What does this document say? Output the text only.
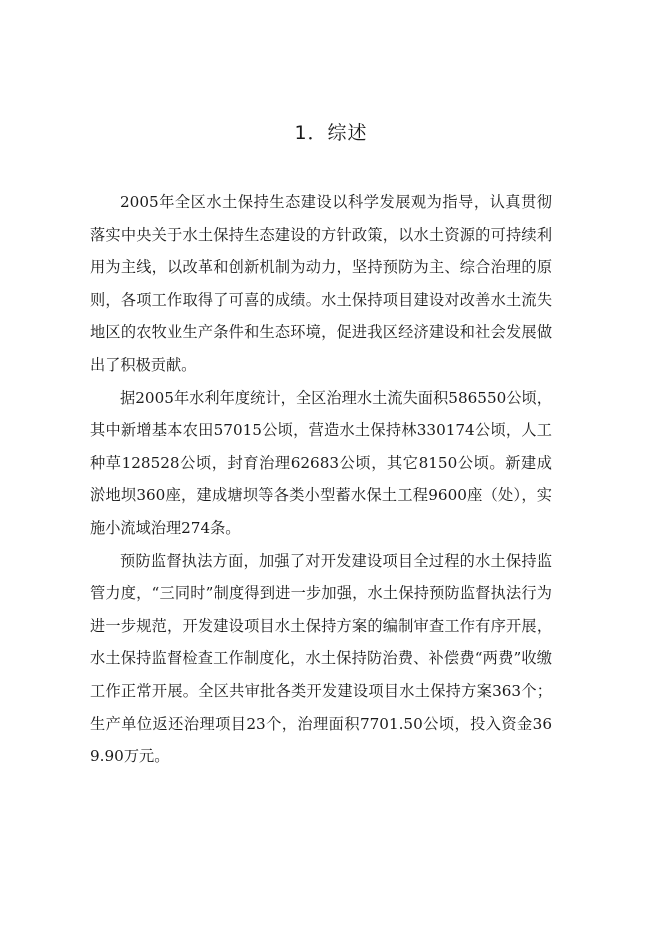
1．综述

2005年全区水土保持生态建设以科学发展观为指导，认真贯彻落实中央关于水土保持生态建设的方针政策，以水土资源的可持续利用为主线，以改革和创新机制为动力，坚持预防为主、综合治理的原则，各项工作取得了可喜的成绩。水土保持项目建设对改善水土流失地区的农牧业生产条件和生态环境，促进我区经济建设和社会发展做出了积极贡献。

据2005年水利年度统计，全区治理水土流失面积586550公顷，其中新增基本农田57015公顷，营造水土保持林330174公顷，人工种草128528公顷，封育治理62683公顷，其它8150公顷。新建成淤地坝360座，建成塘坝等各类小型蓄水保土工程9600座（处），实施小流域治理274条。

预防监督执法方面，加强了对开发建设项目全过程的水土保持监管力度，“三同时”制度得到进一步加强，水土保持预防监督执法行为进一步规范，开发建设项目水土保持方案的编制审查工作有序开展，水土保持监督检查工作制度化，水土保持防治费、补偿费“两费”收缴工作正常开展。全区共审批各类开发建设项目水土保持方案363个；生产单位返还治理项目23个，治理面积7701.50公顷，投入资金369.90万元。
